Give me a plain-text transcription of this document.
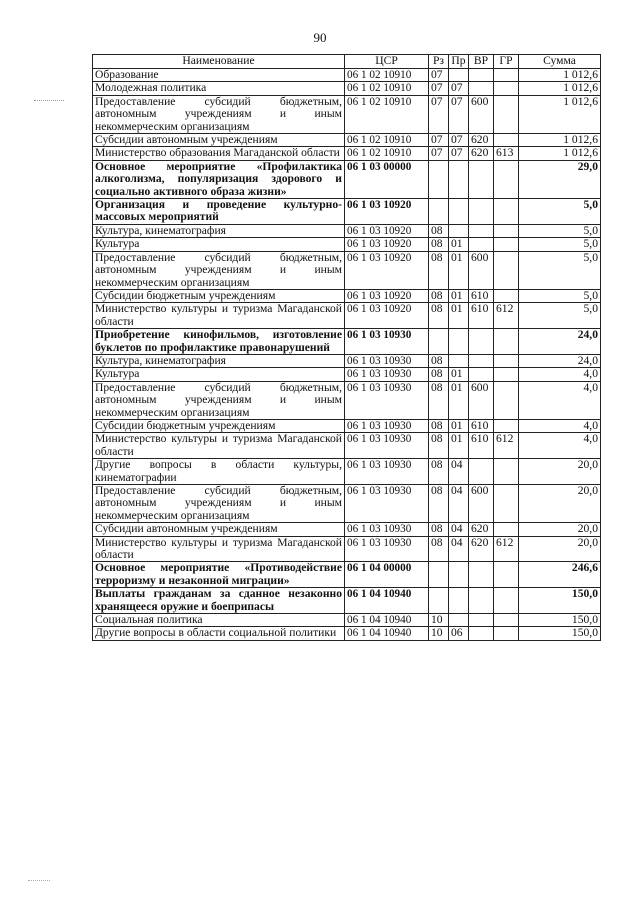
90
Наименование	ЦСР	Рз	Пр	ВР	ГР	Сумма
Образование	06 1 02 10910	07				1 012,6
Молодежная политика	06 1 02 10910	07	07			1 012,6
Предоставление субсидий бюджетным, автономным учреждениям и иным некоммерческим организациям	06 1 02 10910	07	07	600		1 012,6
Субсидии автономным учреждениям	06 1 02 10910	07	07	620		1 012,6
Министерство образования Магаданской области	06 1 02 10910	07	07	620	613	1 012,6
Основное мероприятие «Профилактика алкоголизма, популяризация здорового и социально активного образа жизни»	06 1 03 00000					29,0
Организация и проведение культурно-массовых мероприятий	06 1 03 10920					5,0
Культура, кинематография	06 1 03 10920	08				5,0
Культура	06 1 03 10920	08	01			5,0
Предоставление субсидий бюджетным, автономным учреждениям и иным некоммерческим организациям	06 1 03 10920	08	01	600		5,0
Субсидии бюджетным учреждениям	06 1 03 10920	08	01	610		5,0
Министерство культуры и туризма Магаданской области	06 1 03 10920	08	01	610	612	5,0
Приобретение кинофильмов, изготовление буклетов по профилактике правонарушений	06 1 03 10930					24,0
Культура, кинематография	06 1 03 10930	08				24,0
Культура	06 1 03 10930	08	01			4,0
Предоставление субсидий бюджетным, автономным учреждениям и иным некоммерческим организациям	06 1 03 10930	08	01	600		4,0
Субсидии бюджетным учреждениям	06 1 03 10930	08	01	610		4,0
Министерство культуры и туризма Магаданской области	06 1 03 10930	08	01	610	612	4,0
Другие вопросы в области культуры, кинематографии	06 1 03 10930	08	04			20,0
Предоставление субсидий бюджетным, автономным учреждениям и иным некоммерческим организациям	06 1 03 10930	08	04	600		20,0
Субсидии автономным учреждениям	06 1 03 10930	08	04	620		20,0
Министерство культуры и туризма Магаданской области	06 1 03 10930	08	04	620	612	20,0
Основное мероприятие «Противодействие терроризму и незаконной миграции»	06 1 04 00000					246,6
Выплаты гражданам за сданное незаконно хранящееся оружие и боеприпасы	06 1 04 10940					150,0
Социальная политика	06 1 04 10940	10				150,0
Другие вопросы в области социальной политики	06 1 04 10940	10	06			150,0
